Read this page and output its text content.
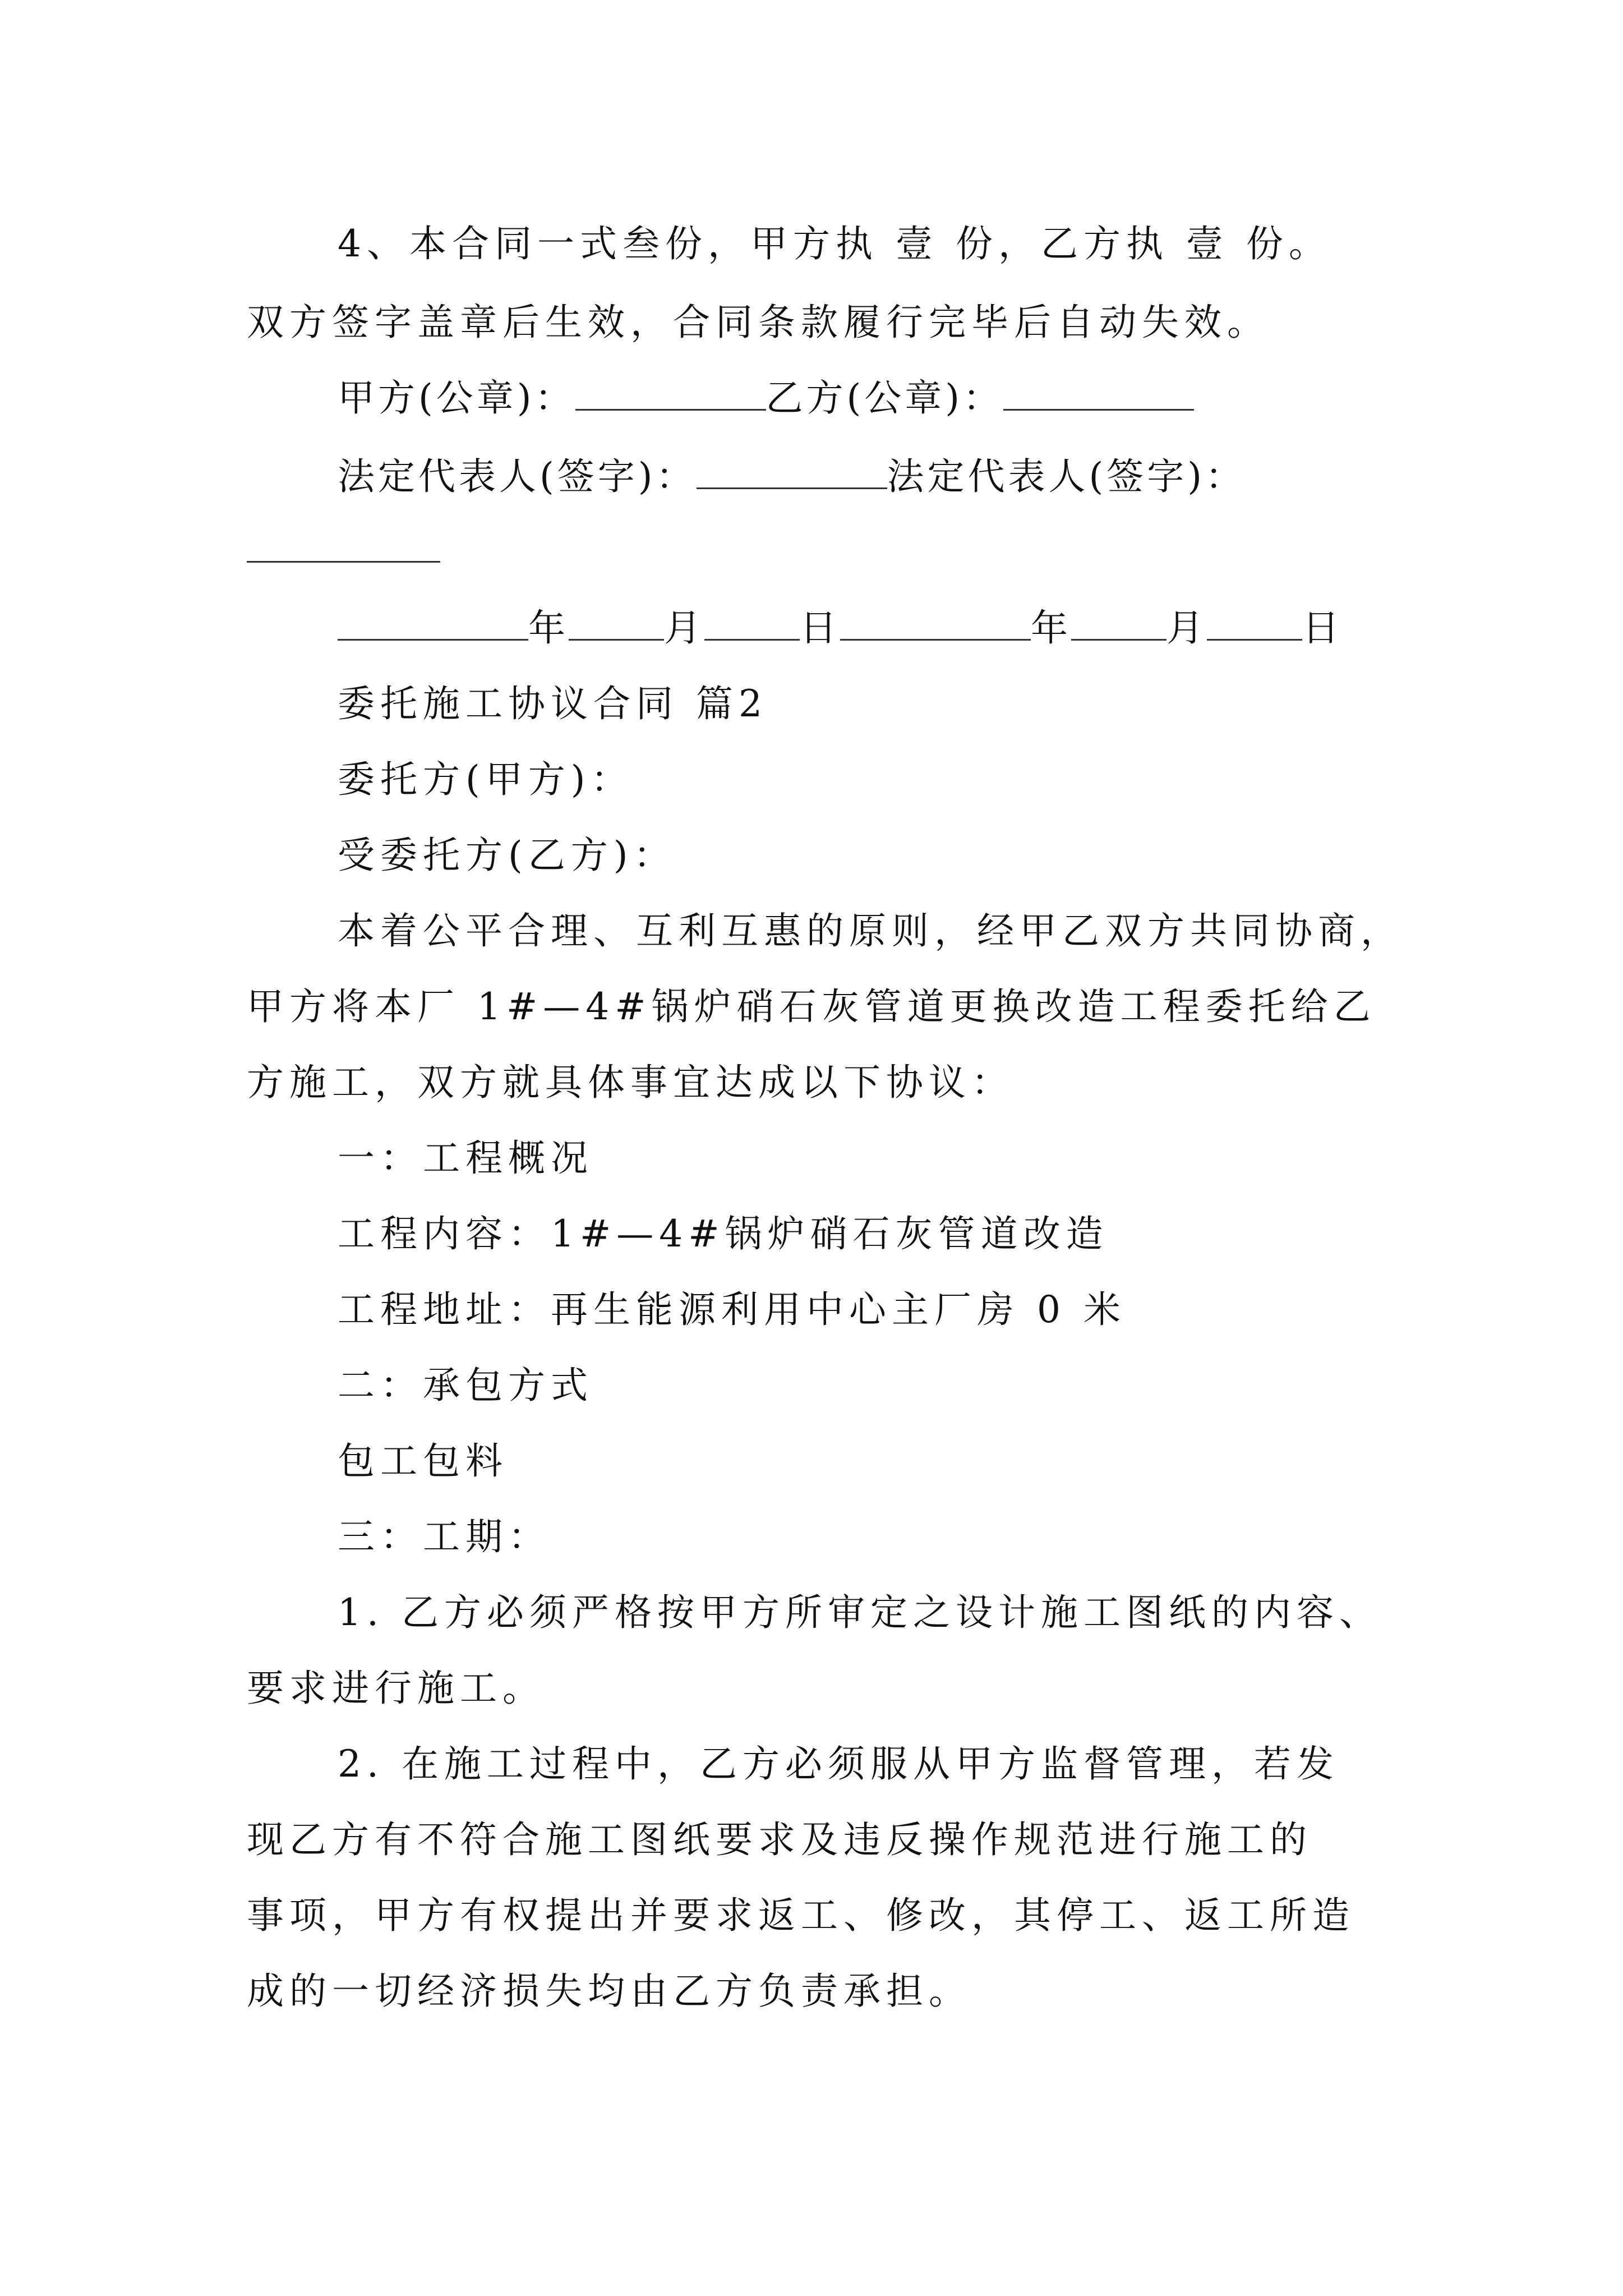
4、本合同一式叁份，甲方执 壹 份，乙方执 壹 份。
双方签字盖章后生效，合同条款履行完毕后自动失效。
甲方(公章)：	乙方(公章)：
法定代表人(签字)：	法定代表人(签字)：
年	月	日	年	月	日
委托施工协议合同 篇2
委托方(甲方)：
受委托方(乙方)：
本着公平合理、互利互惠的原则，经甲乙双方共同协商，
甲方将本厂 1#—4#锅炉硝石灰管道更换改造工程委托给乙
方施工，双方就具体事宜达成以下协议：
一：工程概况
工程内容：1#—4#锅炉硝石灰管道改造
工程地址：再生能源利用中心主厂房 0 米
二：承包方式
包工包料
三：工期：
1. 乙方必须严格按甲方所审定之设计施工图纸的内容、
要求进行施工。
2. 在施工过程中，乙方必须服从甲方监督管理，若发
现乙方有不符合施工图纸要求及违反操作规范进行施工的
事项，甲方有权提出并要求返工、修改，其停工、返工所造
成的一切经济损失均由乙方负责承担。
